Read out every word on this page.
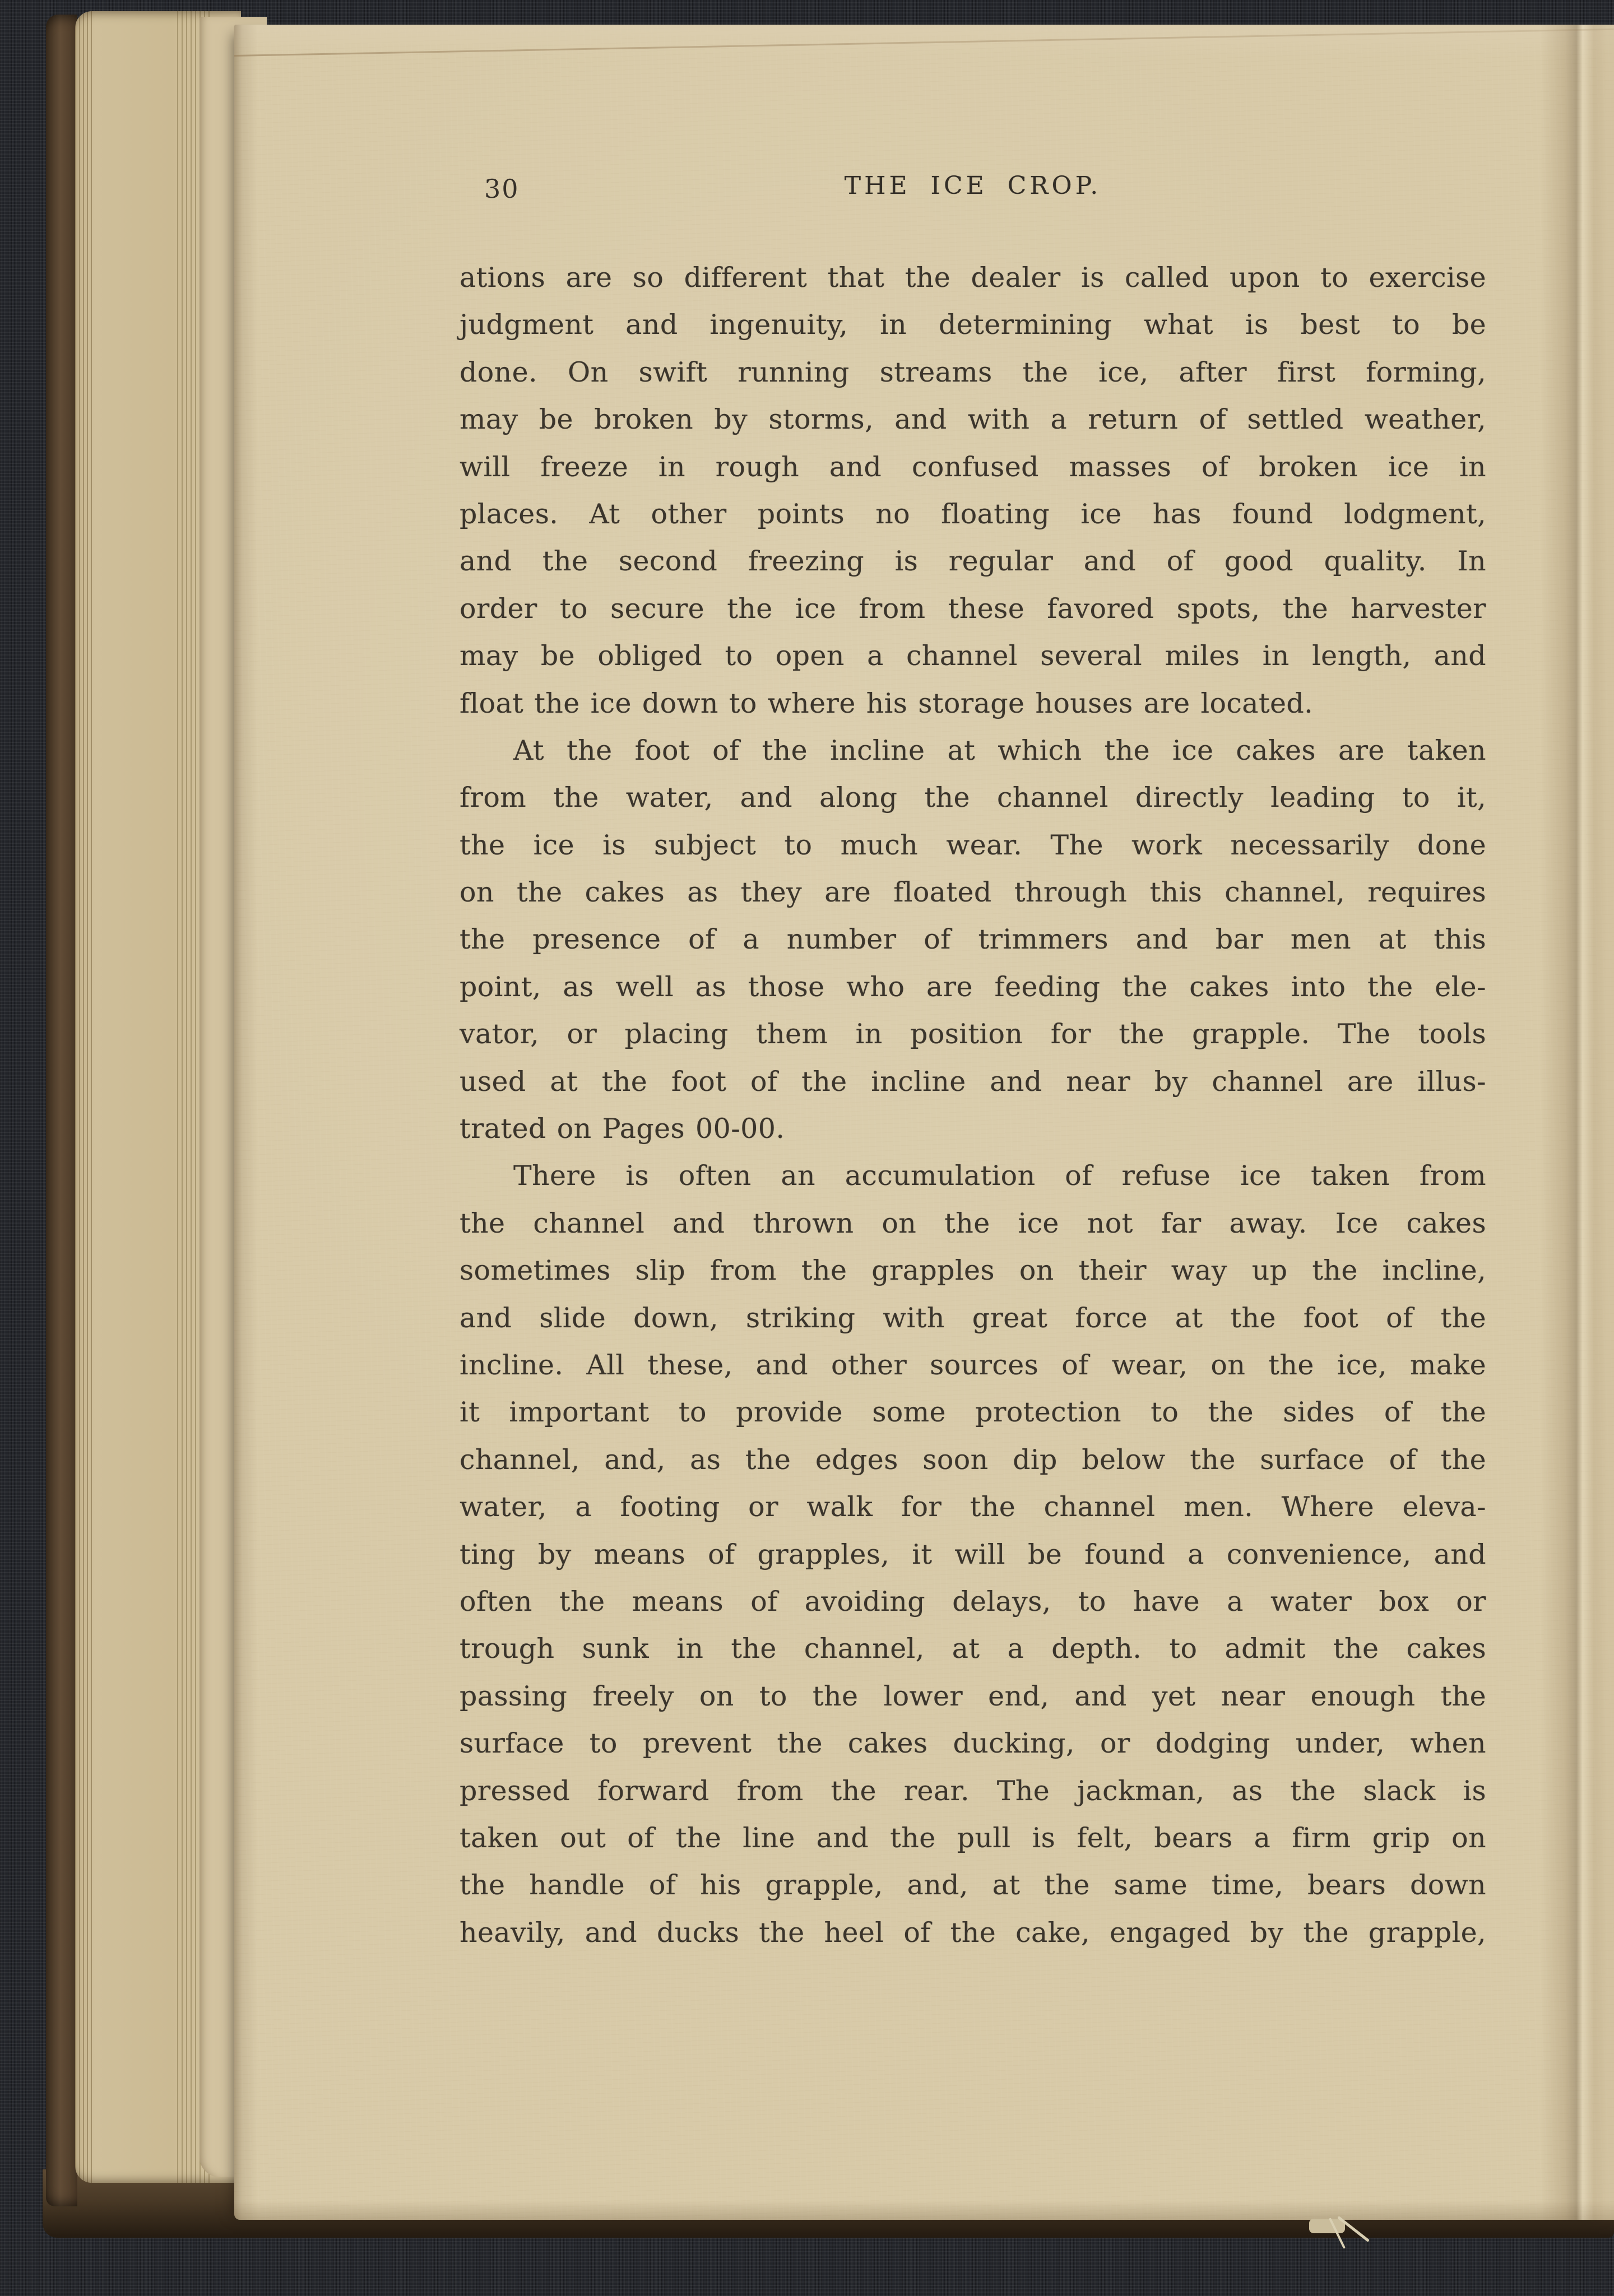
30	THE ICE CROP.
ations are so different that the dealer is called upon to exercise
judgment and ingenuity, in determining what is best to be
done. On swift running streams the ice, after first forming,
may be broken by storms, and with a return of settled weather,
will freeze in rough and confused masses of broken ice in
places. At other points no floating ice has found lodgment,
and the second freezing is regular and of good quality. In
order to secure the ice from these favored spots, the harvester
may be obliged to open a channel several miles in length, and
float the ice down to where his storage houses are located.
At the foot of the incline at which the ice cakes are taken
from the water, and along the channel directly leading to it,
the ice is subject to much wear. The work necessarily done
on the cakes as they are floated through this channel, requires
the presence of a number of trimmers and bar men at this
point, as well as those who are feeding the cakes into the ele-
vator, or placing them in position for the grapple. The tools
used at the foot of the incline and near by channel are illus-
trated on Pages 00-00.
There is often an accumulation of refuse ice taken from
the channel and thrown on the ice not far away. Ice cakes
sometimes slip from the grapples on their way up the incline,
and slide down, striking with great force at the foot of the
incline. All these, and other sources of wear, on the ice, make
it important to provide some protection to the sides of the
channel, and, as the edges soon dip below the surface of the
water, a footing or walk for the channel men. Where eleva-
ting by means of grapples, it will be found a convenience, and
often the means of avoiding delays, to have a water box or
trough sunk in the channel, at a depth. to admit the cakes
passing freely on to the lower end, and yet near enough the
surface to prevent the cakes ducking, or dodging under, when
pressed forward from the rear. The jackman, as the slack is
taken out of the line and the pull is felt, bears a firm grip on
the handle of his grapple, and, at the same time, bears down
heavily, and ducks the heel of the cake, engaged by the grapple,
